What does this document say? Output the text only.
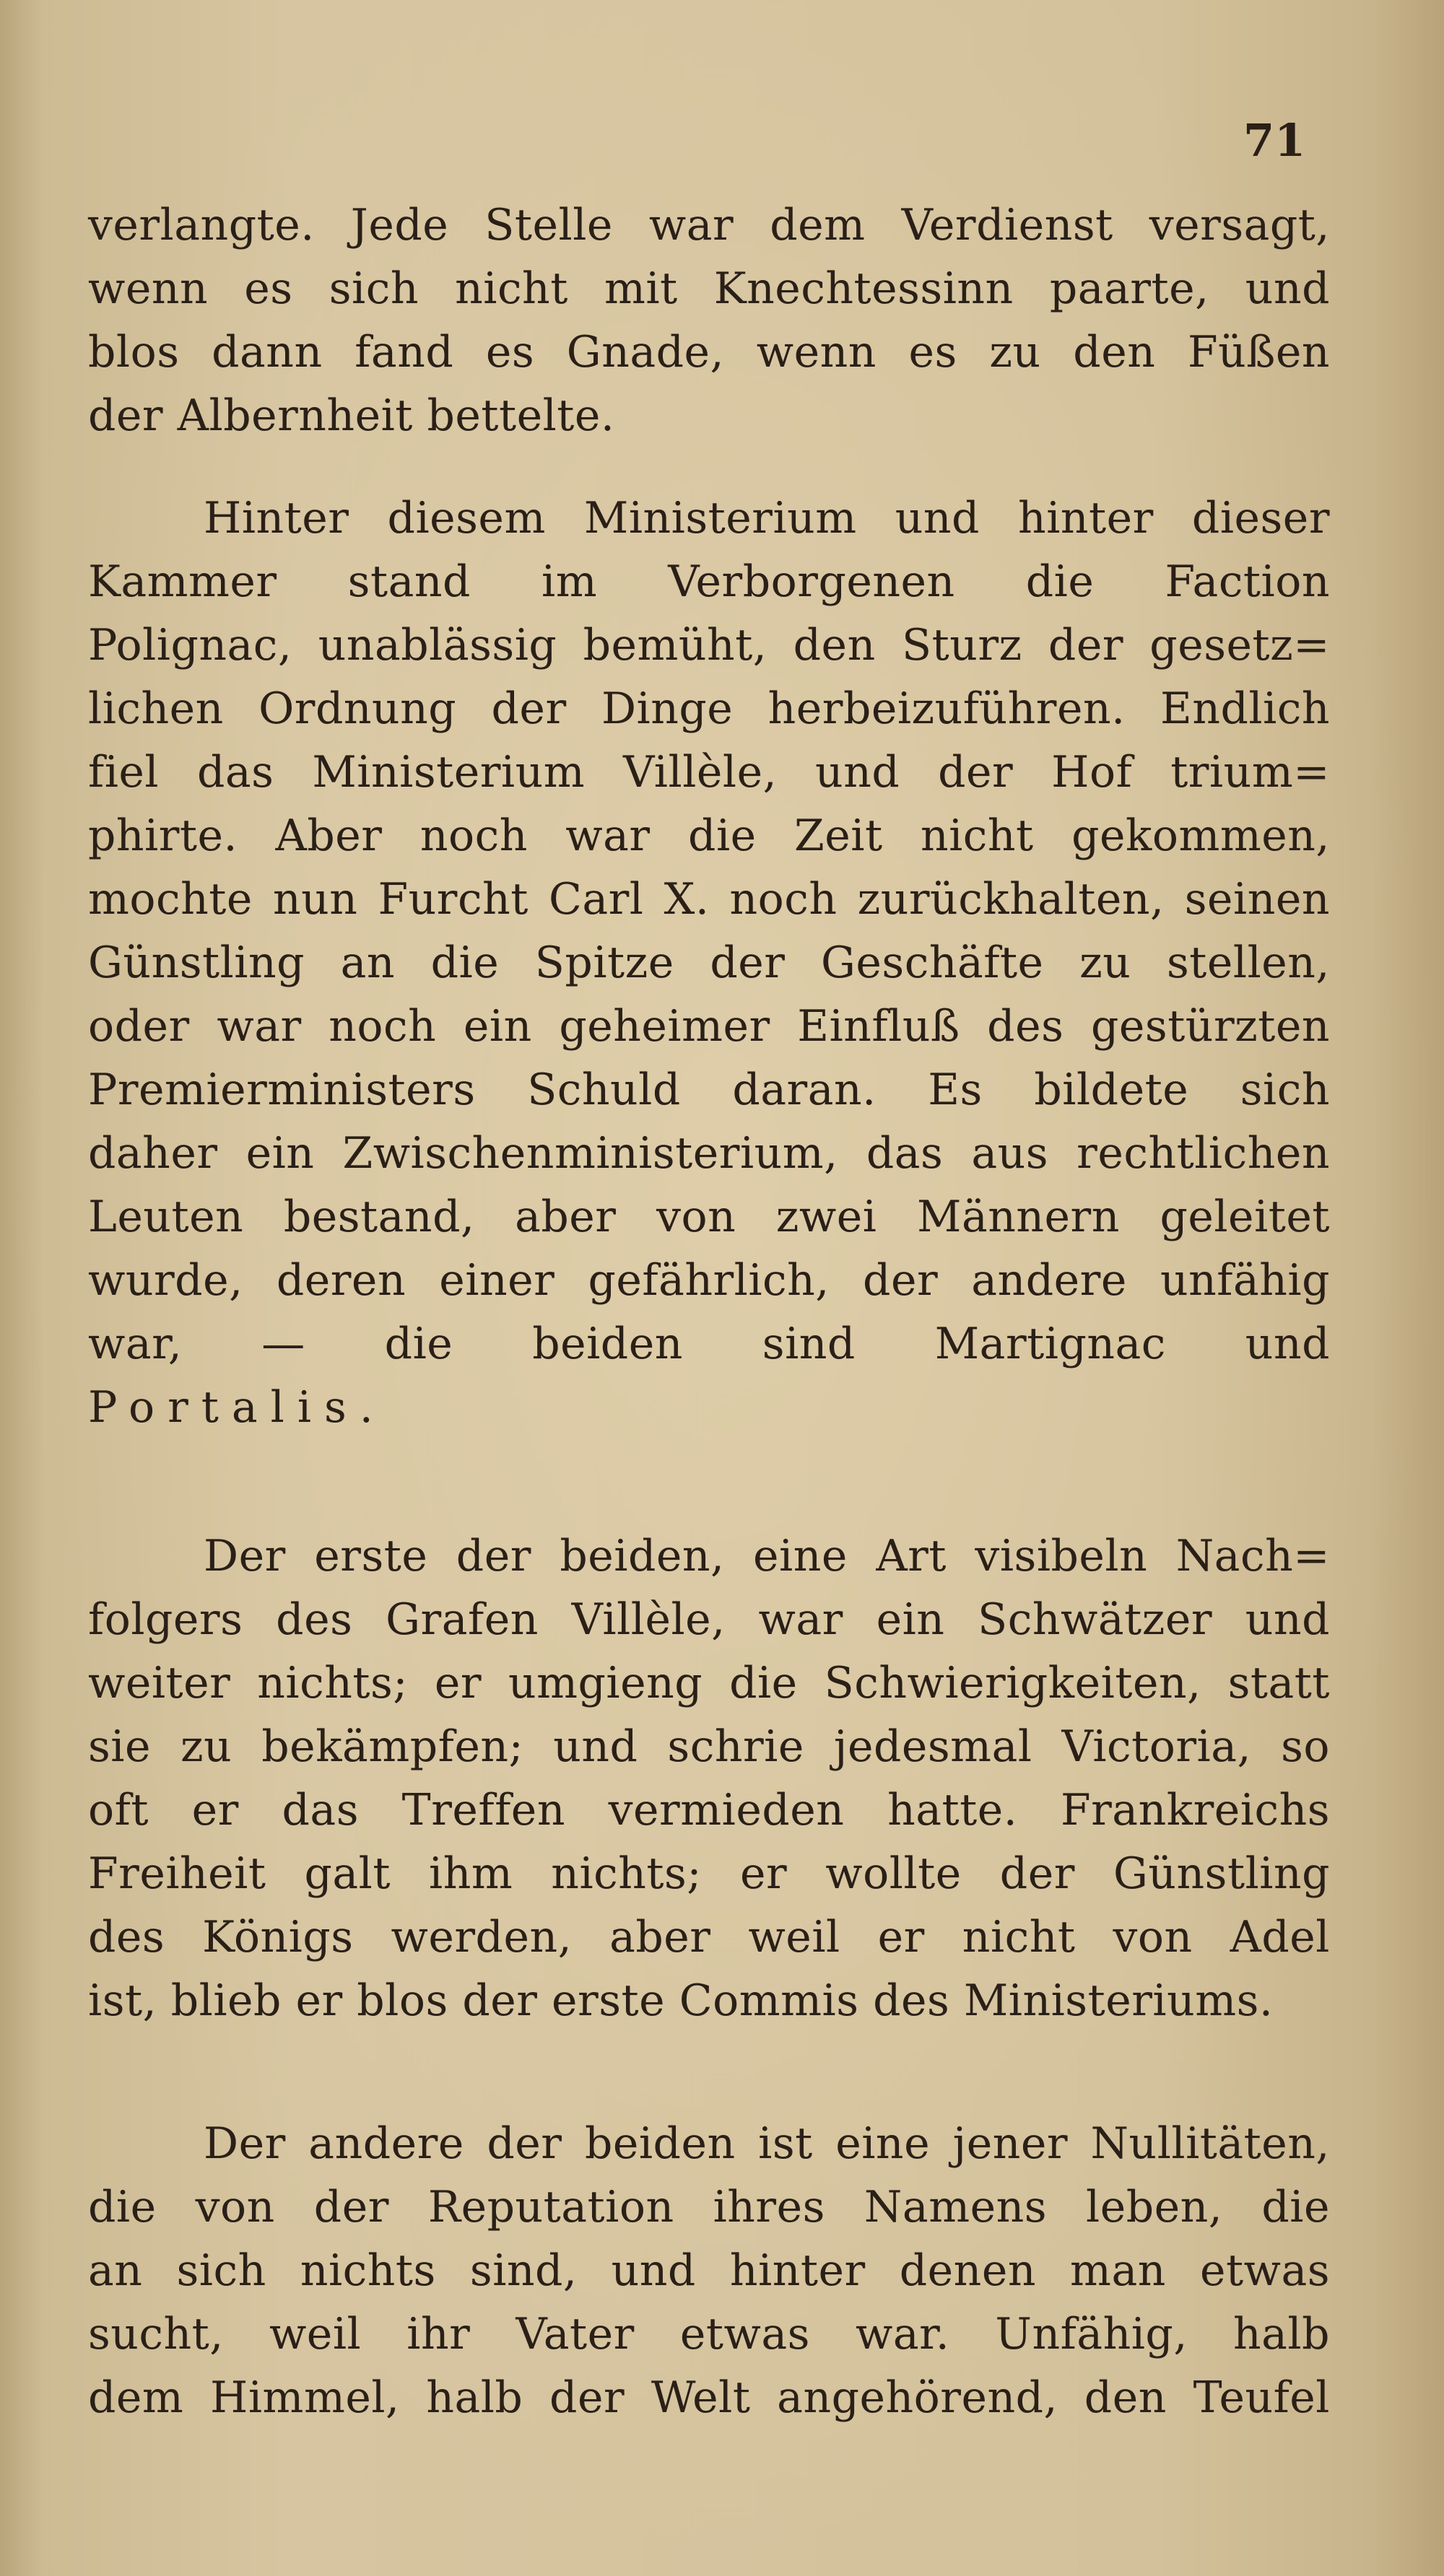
71
verlangte. Jede Stelle war dem Verdienst versagt,
wenn es sich nicht mit Knechtessinn paarte, und
blos dann fand es Gnade, wenn es zu den Füßen
der Albernheit bettelte.
Hinter diesem Ministerium und hinter dieser
Kammer stand im Verborgenen die Faction
Polignac, unablässig bemüht, den Sturz der gesetz=
lichen Ordnung der Dinge herbeizuführen. Endlich
fiel das Ministerium Villèle, und der Hof trium=
phirte. Aber noch war die Zeit nicht gekommen,
mochte nun Furcht Carl X. noch zurückhalten, seinen
Günstling an die Spitze der Geschäfte zu stellen,
oder war noch ein geheimer Einfluß des gestürzten
Premierministers Schuld daran. Es bildete sich
daher ein Zwischenministerium, das aus rechtlichen
Leuten bestand, aber von zwei Männern geleitet
wurde, deren einer gefährlich, der andere unfähig
war, — die beiden sind Martignac und
Portalis.
Der erste der beiden, eine Art visibeln Nach=
folgers des Grafen Villèle, war ein Schwätzer und
weiter nichts; er umgieng die Schwierigkeiten, statt
sie zu bekämpfen; und schrie jedesmal Victoria, so
oft er das Treffen vermieden hatte. Frankreichs
Freiheit galt ihm nichts; er wollte der Günstling
des Königs werden, aber weil er nicht von Adel
ist, blieb er blos der erste Commis des Ministeriums.
Der andere der beiden ist eine jener Nullitäten,
die von der Reputation ihres Namens leben, die
an sich nichts sind, und hinter denen man etwas
sucht, weil ihr Vater etwas war. Unfähig, halb
dem Himmel, halb der Welt angehörend, den Teufel
